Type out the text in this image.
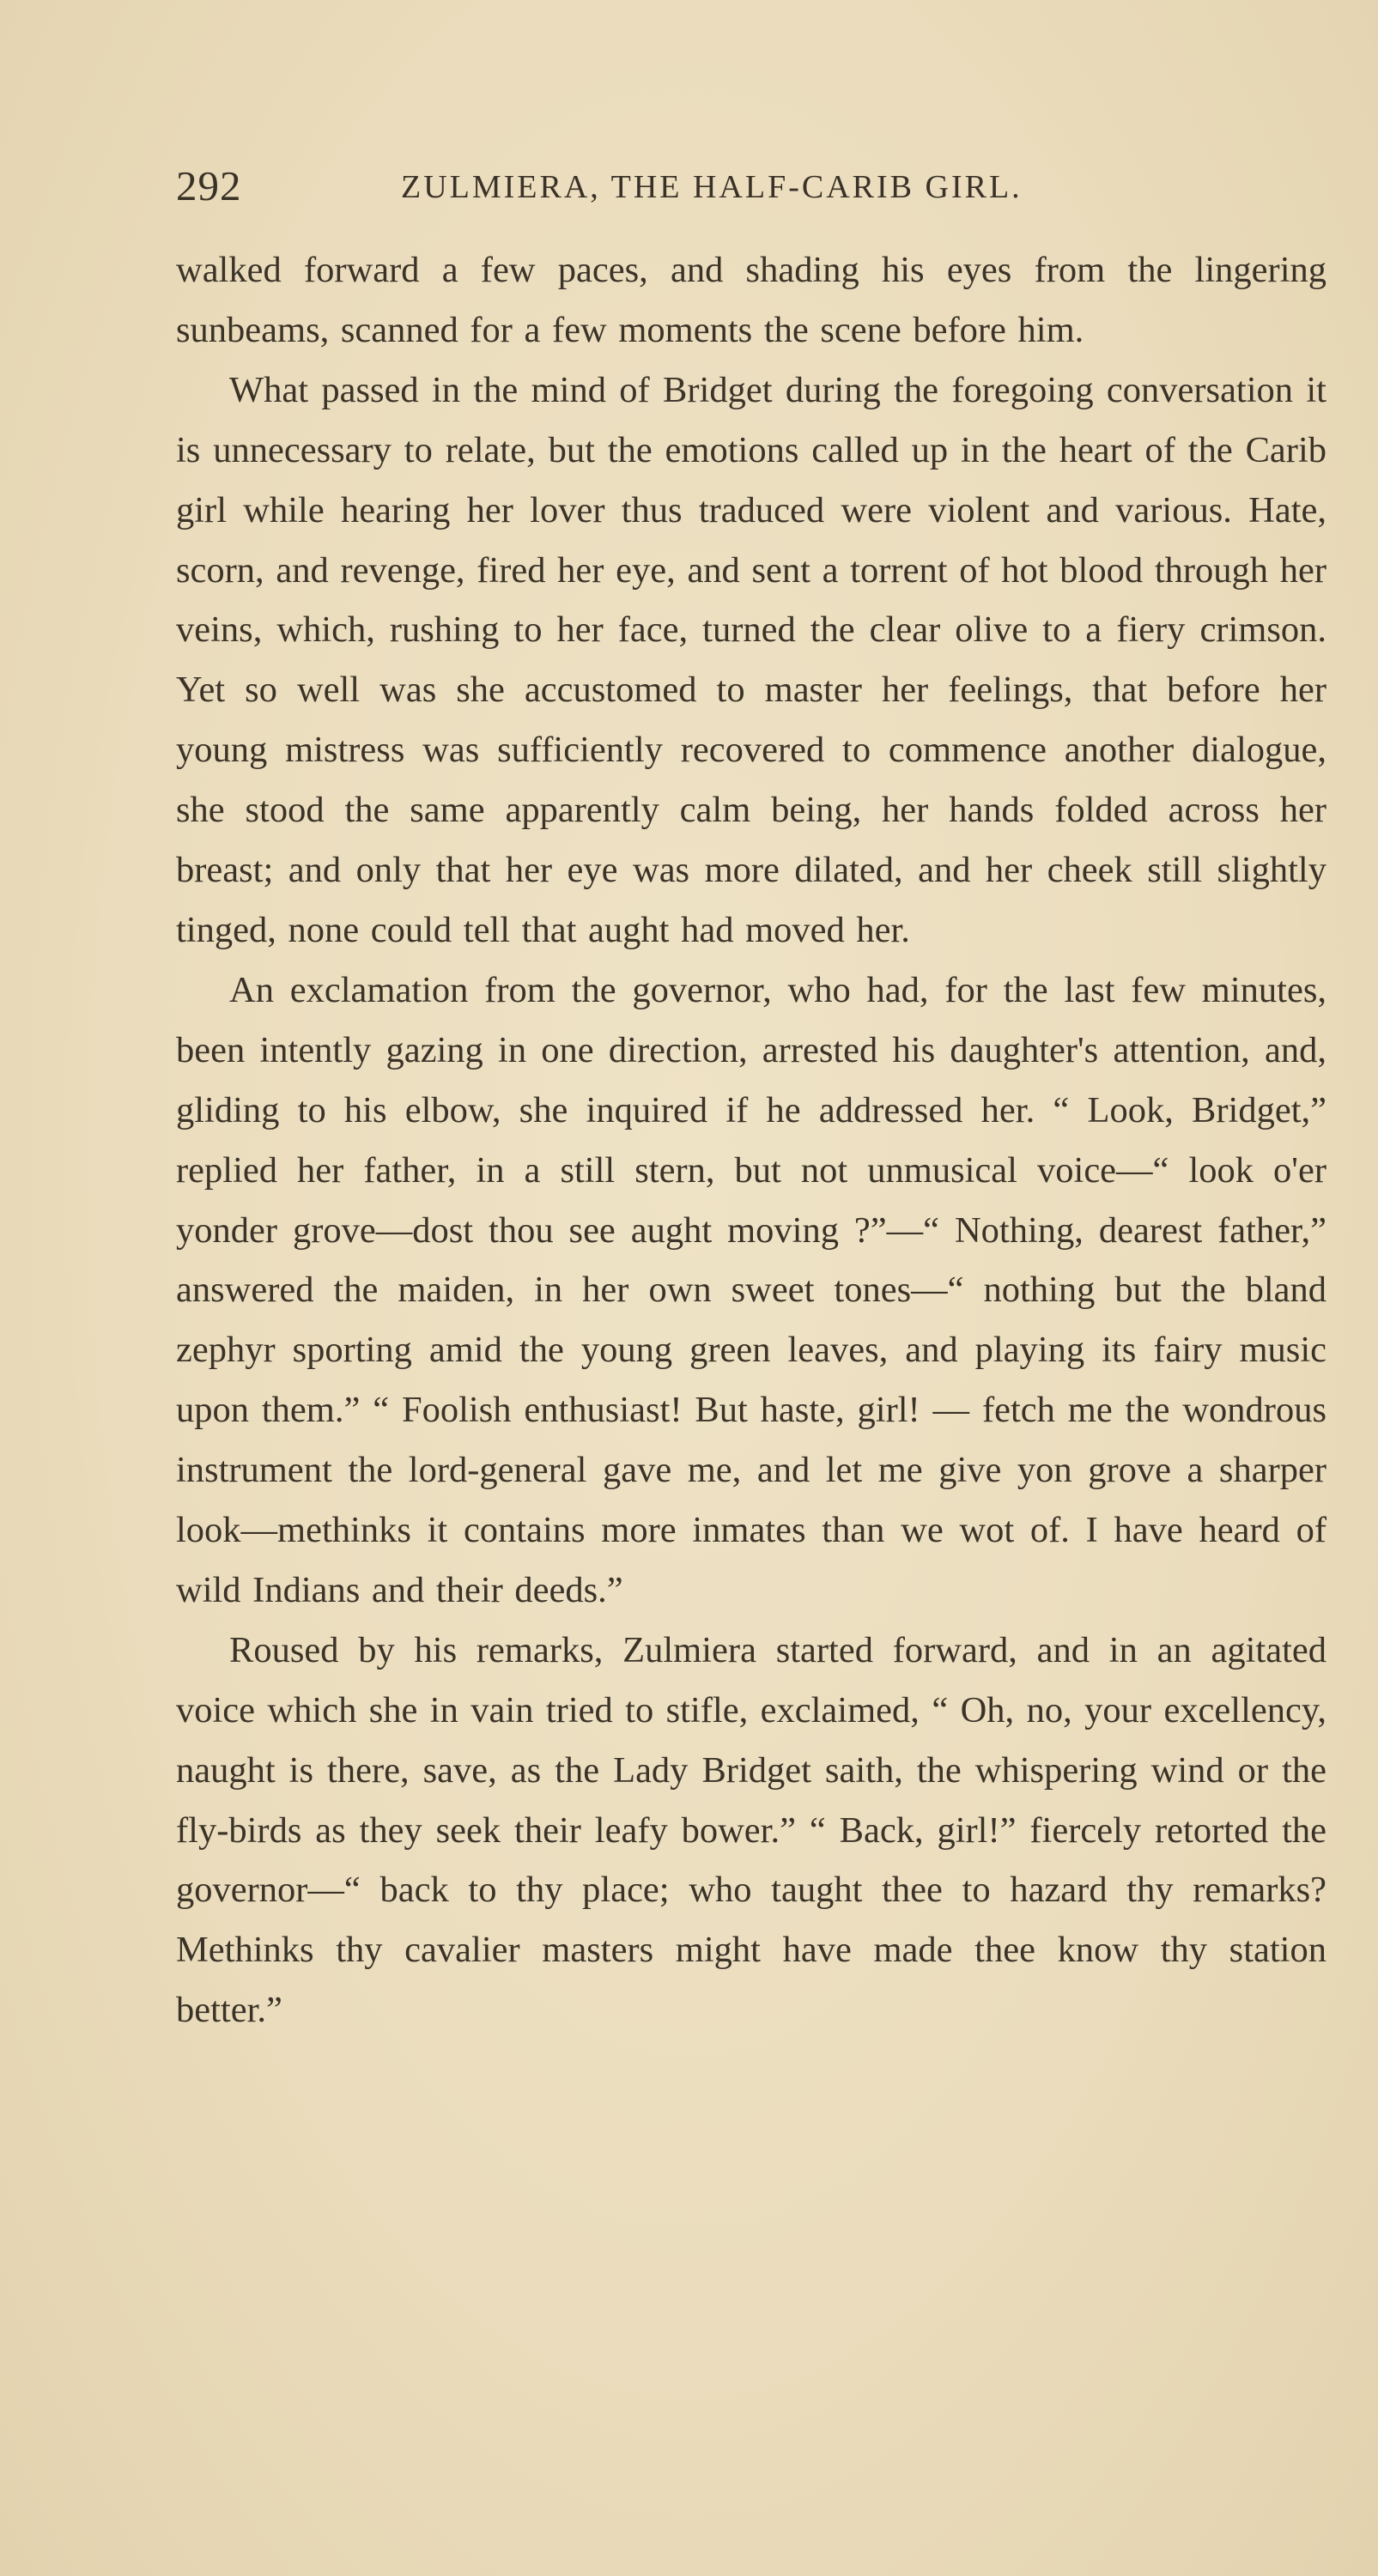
292	ZULMIERA, THE HALF-CARIB GIRL.

walked forward a few paces, and shading his eyes from the lingering sunbeams, scanned for a few moments the scene before him.

What passed in the mind of Bridget during the foregoing conversation it is unnecessary to relate, but the emotions called up in the heart of the Carib girl while hearing her lover thus traduced were violent and various. Hate, scorn, and revenge, fired her eye, and sent a torrent of hot blood through her veins, which, rushing to her face, turned the clear olive to a fiery crimson. Yet so well was she accustomed to master her feelings, that before her young mistress was sufficiently recovered to commence another dialogue, she stood the same apparently calm being, her hands folded across her breast; and only that her eye was more dilated, and her cheek still slightly tinged, none could tell that aught had moved her.

An exclamation from the governor, who had, for the last few minutes, been intently gazing in one direction, arrested his daughter's attention, and, gliding to his elbow, she inquired if he addressed her. “ Look, Bridget,” replied her father, in a still stern, but not unmusical voice—“ look o'er yonder grove—dost thou see aught moving ?”—“ Nothing, dearest father,” answered the maiden, in her own sweet tones—“ nothing but the bland zephyr sporting amid the young green leaves, and playing its fairy music upon them.” “ Foolish enthusiast! But haste, girl! — fetch me the wondrous instrument the lord-general gave me, and let me give yon grove a sharper look—methinks it contains more inmates than we wot of. I have heard of wild Indians and their deeds.”

Roused by his remarks, Zulmiera started forward, and in an agitated voice which she in vain tried to stifle, exclaimed, “ Oh, no, your excellency, naught is there, save, as the Lady Bridget saith, the whispering wind or the fly-birds as they seek their leafy bower.” “ Back, girl!” fiercely retorted the governor—“ back to thy place; who taught thee to hazard thy remarks? Methinks thy cavalier masters might have made thee know thy station better.”
